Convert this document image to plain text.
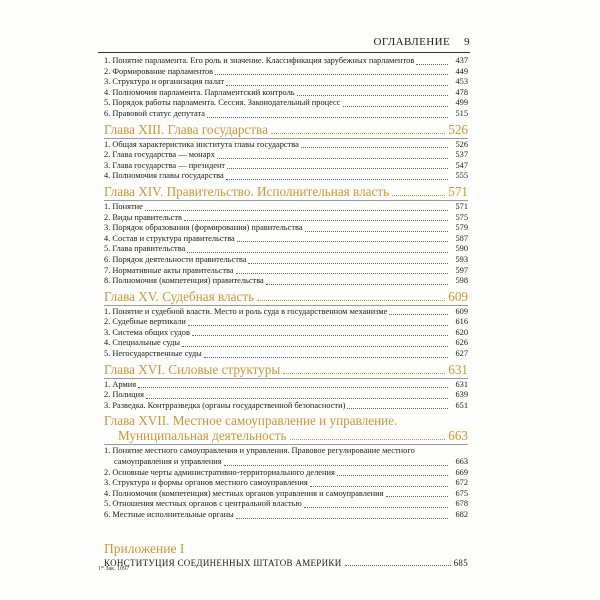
ОГЛАВЛЕНИЕ 9
1. Понятие парламента. Его роль и значение. Классификация зарубежных парламентов	437
2. Формирование парламентов	449
3. Структура и организация палат	453
4. Полномочия парламента. Парламентский контроль	478
5. Порядок работы парламента. Сессия. Законодательный процесс	499
6. Правовой статус депутата	515
Глава XIII. Глава государства	526
1. Общая характеристика института главы государства	526
2. Глава государства — монарх	537
3. Глава государства — президент	547
4. Полномочия главы государства	555
Глава XIV. Правительство. Исполнительная власть	571
1. Понятие	571
2. Виды правительств	575
3. Порядок образования (формирования) правительства	579
4. Состав и структура правительства	587
5. Глава правительства	590
6. Порядок деятельности правительства	593
7. Нормативные акты правительства	597
8. Полномочия (компетенция) правительства	598
Глава XV. Судебная власть	609
1. Понятие и судебной власти. Место и роль суда в государственном механизме	609
2. Судебные вертикали	616
3. Система общих судов	620
4. Специальные суды	626
5. Негосударственные суды	627
Глава XVI. Силовые структуры	631
1. Армия	631
2. Полиция	639
3. Разведка. Контрразведка (органы государственной безопасности)	651
Глава XVII. Местное самоуправление и управление.
Муниципальная деятельность	663
1. Понятие местного самоуправления и управления. Правовое регулирование местного
самоуправления и управления	663
2. Основные черты административно-территориального деления	669
3. Структура и формы органов местного самоуправления	672
4. Полномочия (компетенция) местных органов управления и самоуправления	675
5. Отношения местных органов с центральной властью	678
6. Местные исполнительные органы	682
Приложение I
КОНСТИТУЦИЯ СОЕДИНЕННЫХ ШТАТОВ АМЕРИКИ	685
1* Зак. 1097
